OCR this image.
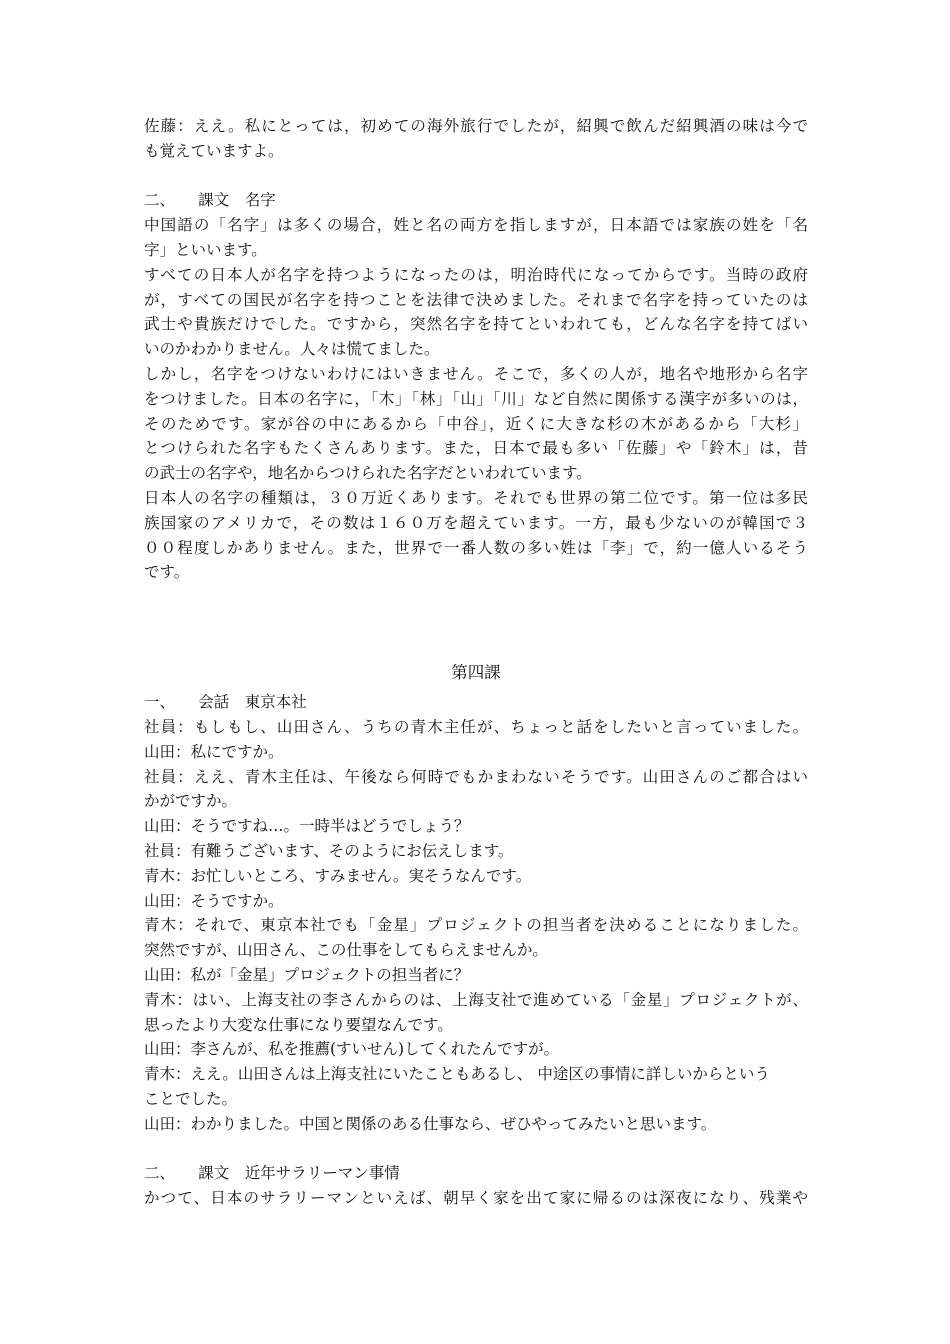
佐藤：ええ。私にとっては，初めての海外旅行でしたが，紹興で飲んだ紹興酒の味は今で
も覚えていますよ。
二、　　課文　名字
中国語の「名字」は多くの場合，姓と名の両方を指しますが，日本語では家族の姓を「名
字」といいます。
すべての日本人が名字を持つようになったのは，明治時代になってからです。当時の政府
が，すべての国民が名字を持つことを法律で決めました。それまで名字を持っていたのは
武士や貴族だけでした。ですから，突然名字を持てといわれても，どんな名字を持てばい
いのかわかりません。人々は慌てました。
しかし，名字をつけないわけにはいきません。そこで，多くの人が，地名や地形から名字
をつけました。日本の名字に，「木」「林」「山」「川」など自然に関係する漢字が多いのは，
そのためです。家が谷の中にあるから「中谷」，近くに大きな杉の木があるから「大杉」
とつけられた名字もたくさんあります。また，日本で最も多い「佐藤」や「鈴木」は，昔
の武士の名字や，地名からつけられた名字だといわれています。
日本人の名字の種類は，３０万近くあります。それでも世界の第二位です。第一位は多民
族国家のアメリカで，その数は１６０万を超えています。一方，最も少ないのが韓国で３
００程度しかありません。また，世界で一番人数の多い姓は「李」で，約一億人いるそう
です。
第四課
一、　　会話　東京本社
社員：もしもし、山田さん、うちの青木主任が、ちょっと話をしたいと言っていました。
山田：私にですか。
社員：ええ、青木主任は、午後なら何時でもかまわないそうです。山田さんのご都合はい
かがですか。
山田：そうですね…。一時半はどうでしょう？
社員：有難うございます、そのようにお伝えします。
青木：お忙しいところ、すみません。実そうなんです。
山田：そうですか。
青木：それで、東京本社でも「金星」プロジェクトの担当者を決めることになりました。
突然ですが、山田さん、この仕事をしてもらえませんか。
山田：私が「金星」プロジェクトの担当者に？
青木：はい、上海支社の李さんからのは、上海支社で進めている「金星」プロジェクトが、
思ったより大変な仕事になり要望なんです。
山田：李さんが、私を推薦(すいせん)してくれたんですが。
青木：ええ。山田さんは上海支社にいたこともあるし、 中途区の事情に詳しいからという
ことでした。
山田：わかりました。中国と関係のある仕事なら、ぜひやってみたいと思います。
二、　　課文　近年サラリーマン事情
かつて、日本のサラリーマンといえば、朝早く家を出て家に帰るのは深夜になり、残業や
